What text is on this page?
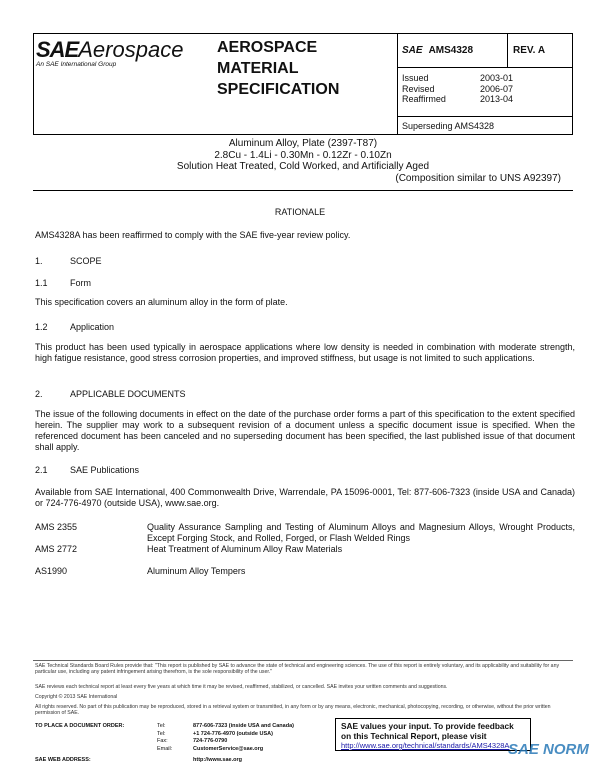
SAEAerospace
An SAE International Group
AEROSPACE MATERIAL SPECIFICATION
SAE AMS4328	REV. A
Issued	2003-01
Revised	2006-07
Reaffirmed	2013-04
Superseding AMS4328
Aluminum Alloy, Plate (2397-T87)
2.8Cu - 1.4Li - 0.30Mn - 0.12Zr - 0.10Zn
Solution Heat Treated, Cold Worked, and Artificially Aged
(Composition similar to UNS A92397)
RATIONALE
AMS4328A has been reaffirmed to comply with the SAE five-year review policy.
1.	SCOPE
1.1 Form
This specification covers an aluminum alloy in the form of plate.
1.2 Application
This product has been used typically in aerospace applications where low density is needed in combination with moderate strength, high fatigue resistance, good stress corrosion properties, and improved stiffness, but usage is not limited to such applications.
2.	APPLICABLE DOCUMENTS
The issue of the following documents in effect on the date of the purchase order forms a part of this specification to the extent specified herein. The supplier may work to a subsequent revision of a document unless a specific document issue is specified. When the referenced document has been canceled and no superseding document has been specified, the last published issue of that document shall apply.
2.1 SAE Publications
Available from SAE International, 400 Commonwealth Drive, Warrendale, PA 15096-0001, Tel: 877-606-7323 (inside USA and Canada) or 724-776-4970 (outside USA), www.sae.org.
AMS 2355	Quality Assurance Sampling and Testing of Aluminum Alloys and Magnesium Alloys, Wrought Products, Except Forging Stock, and Rolled, Forged, or Flash Welded Rings
AMS 2772	Heat Treatment of Aluminum Alloy Raw Materials
AS1990	Aluminum Alloy Tempers
SAE Technical Standards Board Rules provide that: "This report is published by SAE to advance the state of technical and engineering sciences. The use of this report is entirely voluntary, and its applicability and suitability for any particular use, including any patent infringement arising therefrom, is the sole responsibility of the user."
SAE reviews each technical report at least every five years at which time it may be revised, reaffirmed, stabilized, or cancelled. SAE invites your written comments and suggestions.
Copyright © 2013 SAE International
All rights reserved. No part of this publication may be reproduced, stored in a retrieval system or transmitted, in any form or by any means, electronic, mechanical, photocopying, recording, or otherwise, without the prior written permission of SAE.
TO PLACE A DOCUMENT ORDER:	Tel:	877-606-7323 (inside USA and Canada)
Tel:	+1 724-776-4970 (outside USA)
Fax:	724-776-0790
Email:	CustomerService@sae.org
SAE WEB ADDRESS:	http://www.sae.org
SAE values your input. To provide feedback
on this Technical Report, please visit
http://www.sae.org/technical/standards/AMS4328A
SAE NORM
